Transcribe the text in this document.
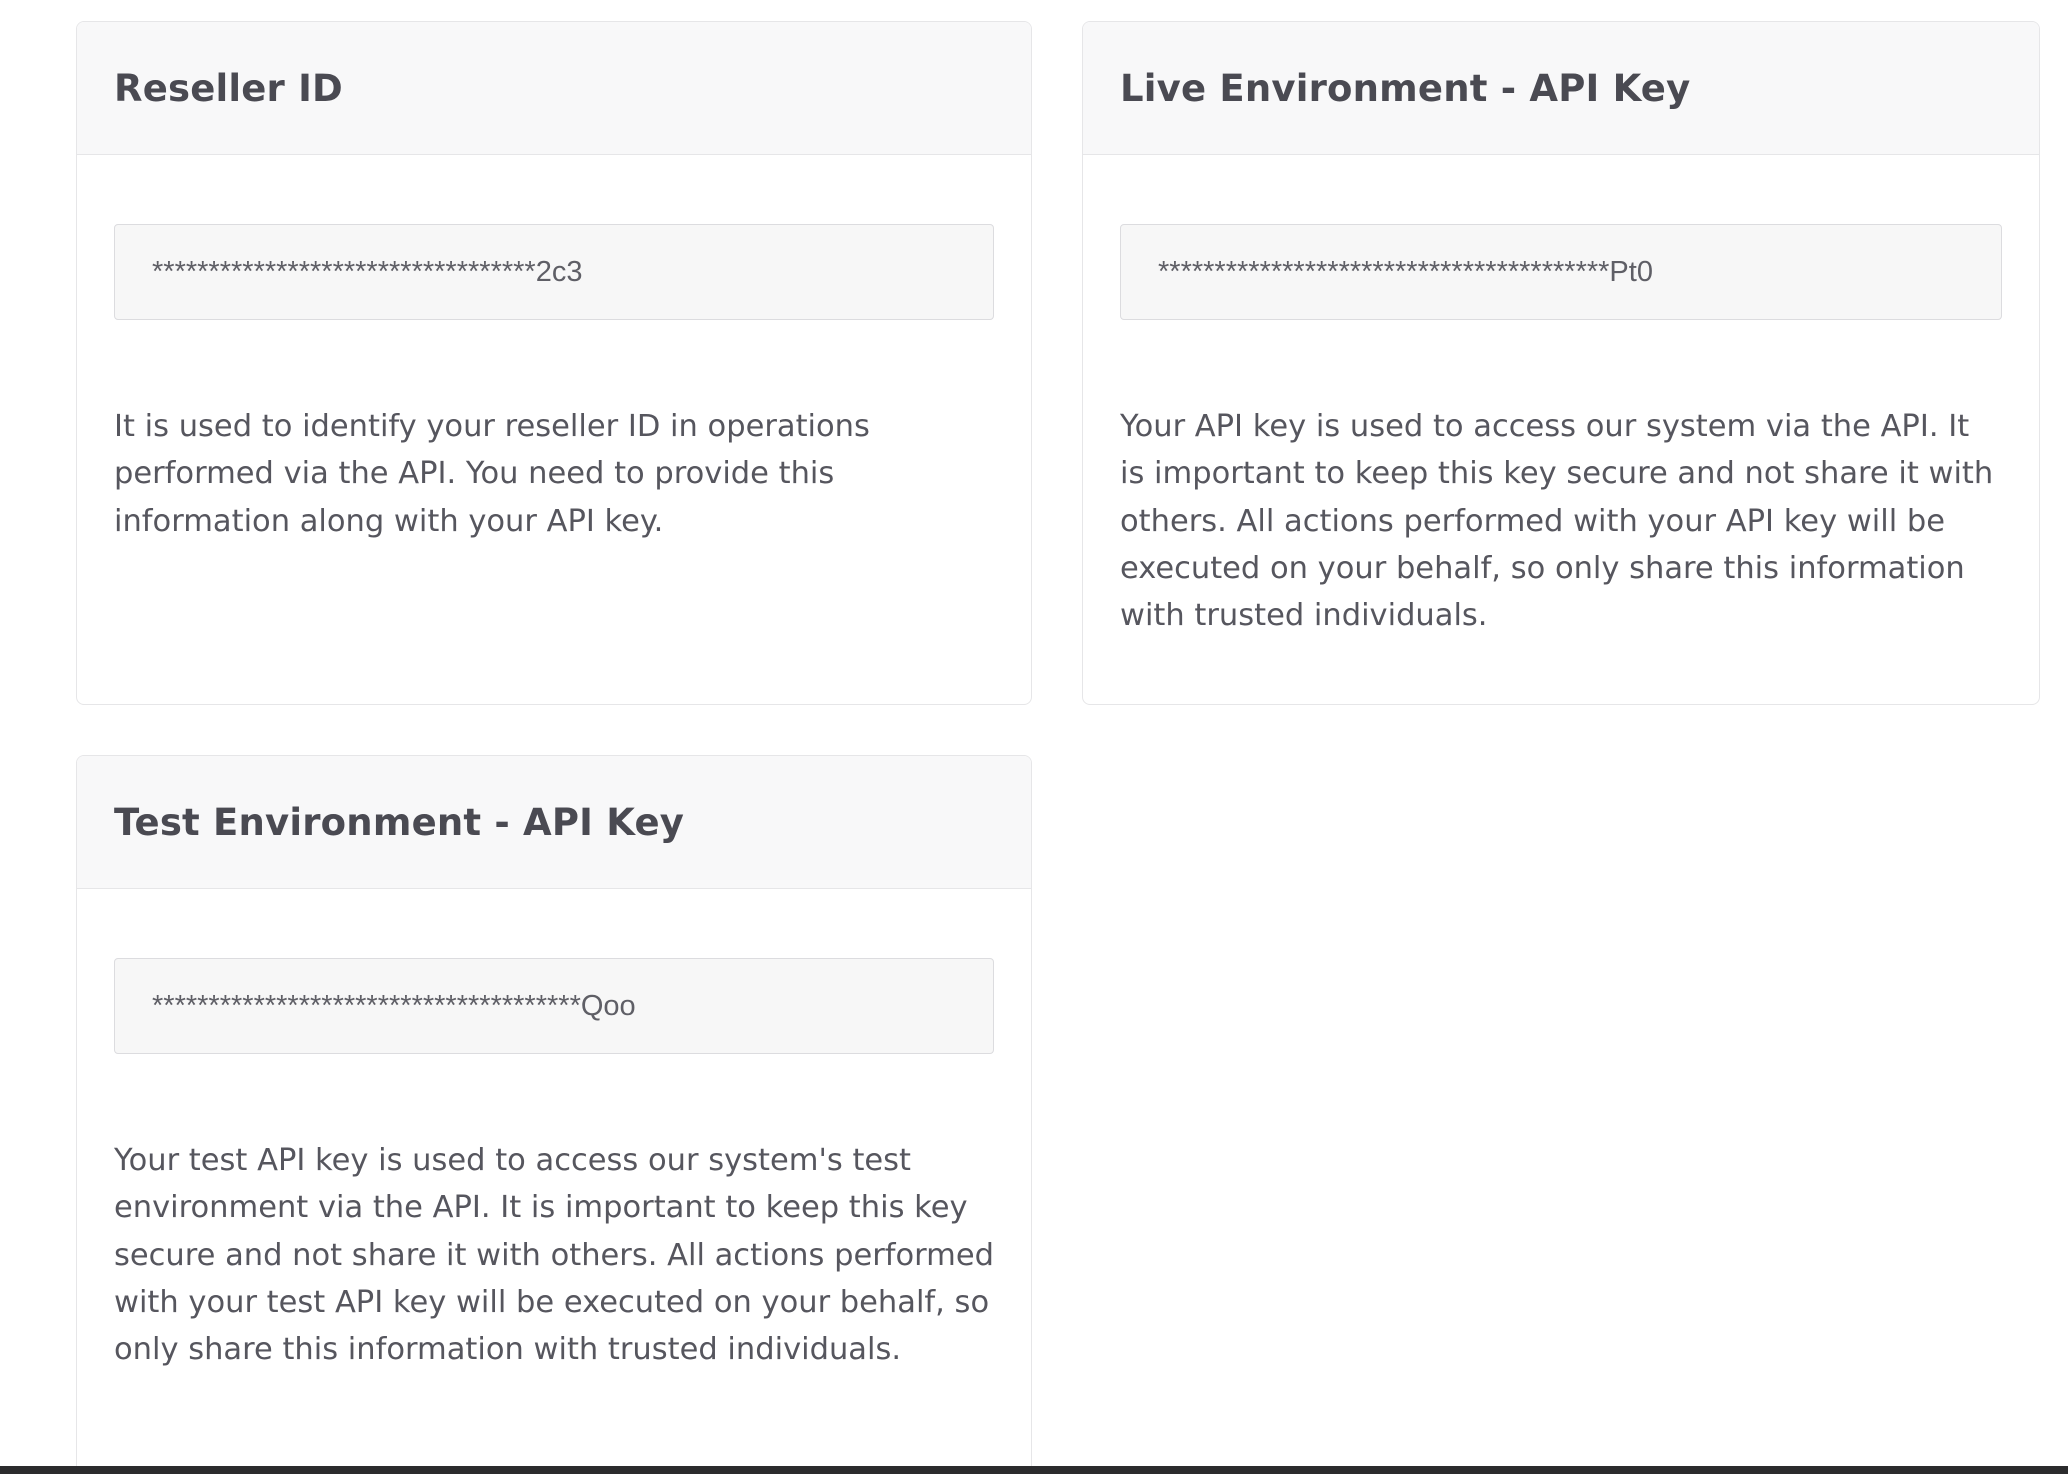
Reseller ID
**********************************2c3

It is used to identify your reseller ID in operations performed via the API. You need to provide this information along with your API key.

Live Environment - API Key
****************************************Pt0

Your API key is used to access our system via the API. It is important to keep this key secure and not share it with others. All actions performed with your API key will be executed on your behalf, so only share this information with trusted individuals.

Test Environment - API Key
**************************************Qoo

Your test API key is used to access our system's test environment via the API. It is important to keep this key secure and not share it with others. All actions performed with your test API key will be executed on your behalf, so only share this information with trusted individuals.
